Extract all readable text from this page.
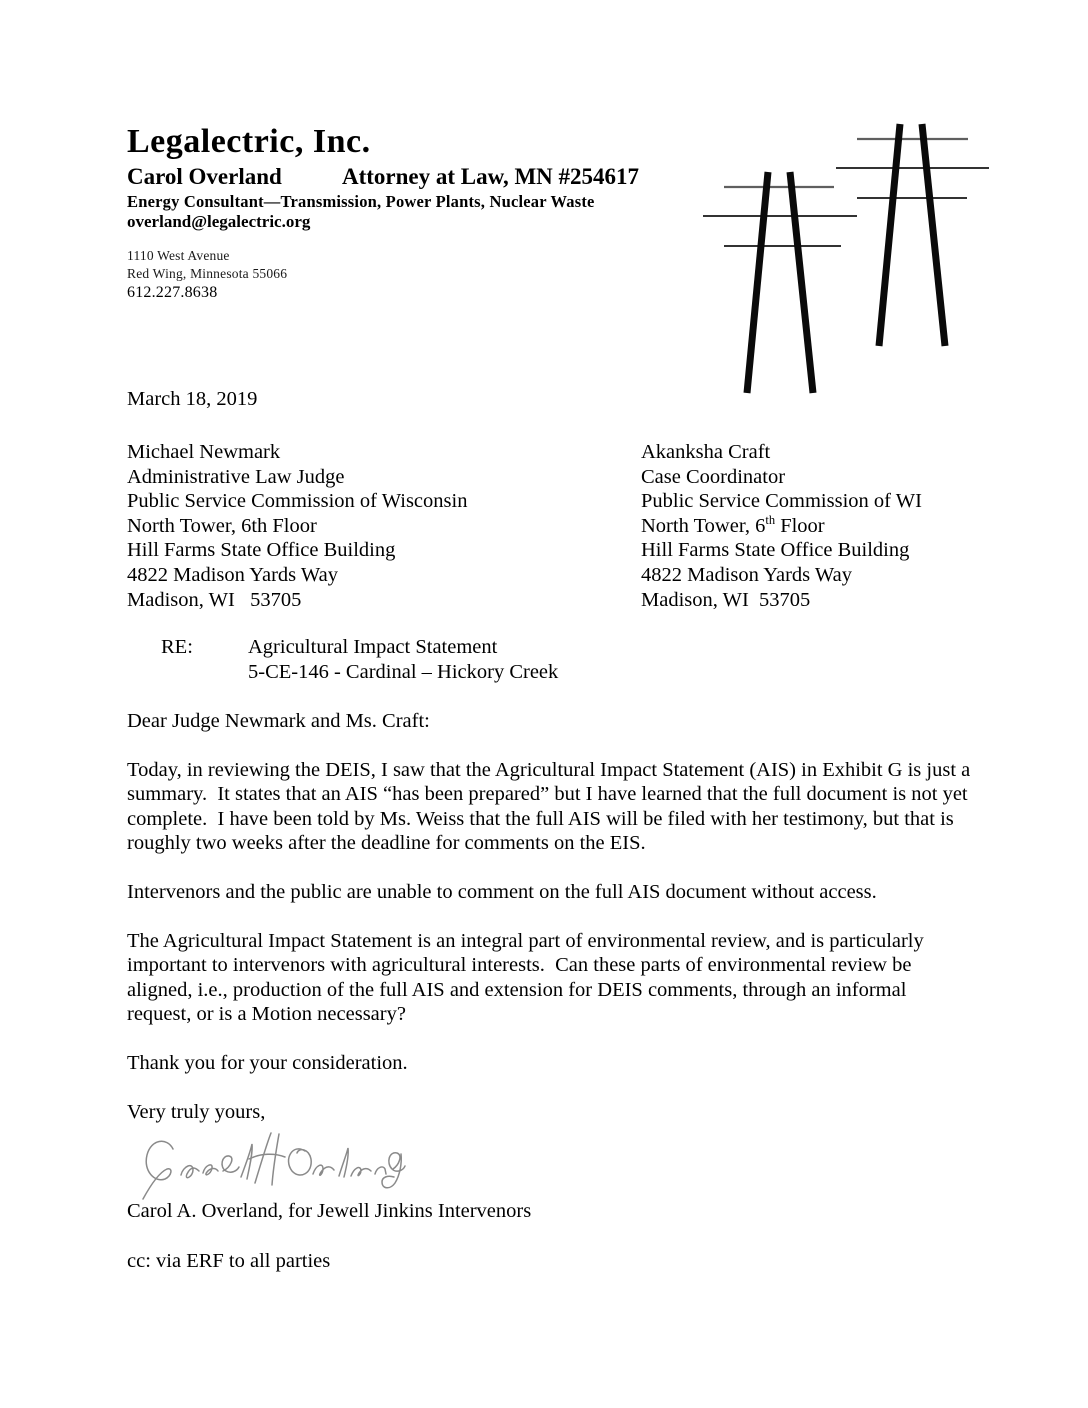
Legalectric, Inc.
Carol Overland	Attorney at Law, MN #254617
Energy Consultant—Transmission, Power Plants, Nuclear Waste
overland@legalectric.org
1110 West Avenue
Red Wing, Minnesota 55066
612.227.8638
March 18, 2019
Michael Newmark
Administrative Law Judge
Public Service Commission of Wisconsin
North Tower, 6th Floor
Hill Farms State Office Building
4822 Madison Yards Way
Madison, WI   53705
Akanksha Craft
Case Coordinator
Public Service Commission of WI
North Tower, 6th Floor
Hill Farms State Office Building
4822 Madison Yards Way
Madison, WI  53705
RE:	Agricultural Impact Statement
5-CE-146 - Cardinal – Hickory Creek
Dear Judge Newmark and Ms. Craft:

Today, in reviewing the DEIS, I saw that the Agricultural Impact Statement (AIS) in Exhibit G is just a summary.  It states that an AIS “has been prepared” but I have learned that the full document is not yet complete.  I have been told by Ms. Weiss that the full AIS will be filed with her testimony, but that is roughly two weeks after the deadline for comments on the EIS.

Intervenors and the public are unable to comment on the full AIS document without access.

The Agricultural Impact Statement is an integral part of environmental review, and is particularly important to intervenors with agricultural interests.  Can these parts of environmental review be aligned, i.e., production of the full AIS and extension for DEIS comments, through an informal request, or is a Motion necessary?

Thank you for your consideration.

Very truly yours,
Carol A. Overland, for Jewell Jinkins Intervenors
cc: via ERF to all parties
